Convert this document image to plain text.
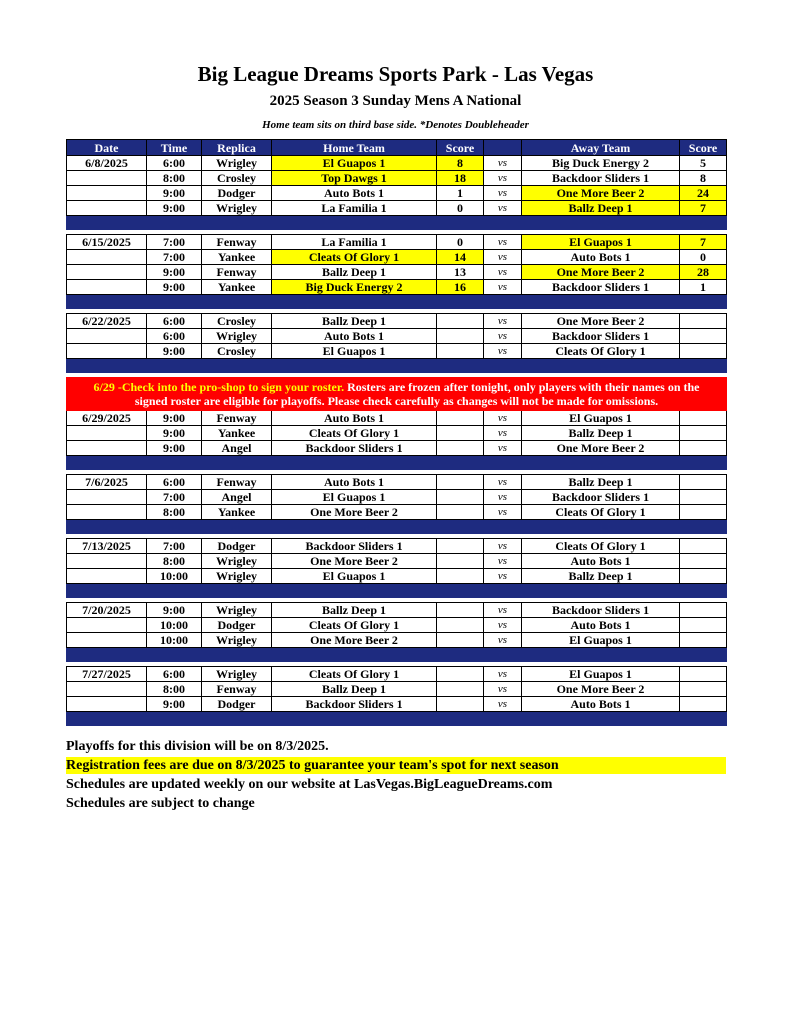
Big League Dreams Sports Park - Las Vegas
2025 Season 3 Sunday Mens A National

Home team sits on third base side. *Denotes Doubleheader

Date	Time	Replica	Home Team	Score		Away Team	Score
6/8/2025	6:00	Wrigley	El Guapos 1	8	vs	Big Duck Energy 2	5
	8:00	Crosley	Top Dawgs 1	18	vs	Backdoor Sliders 1	8
	9:00	Dodger	Auto Bots 1	1	vs	One More Beer 2	24
	9:00	Wrigley	La Familia 1	0	vs	Ballz Deep 1	7

6/15/2025	7:00	Fenway	La Familia 1	0	vs	El Guapos 1	7
	7:00	Yankee	Cleats Of Glory 1	14	vs	Auto Bots 1	0
	9:00	Fenway	Ballz Deep 1	13	vs	One More Beer 2	28
	9:00	Yankee	Big Duck Energy 2	16	vs	Backdoor Sliders 1	1

6/22/2025	6:00	Crosley	Ballz Deep 1		vs	One More Beer 2	
	6:00	Wrigley	Auto Bots 1		vs	Backdoor Sliders 1	
	9:00	Crosley	El Guapos 1		vs	Cleats Of Glory 1	

6/29 -Check into the pro-shop to sign your roster. Rosters are frozen after tonight, only players with their names on the signed roster are eligible for playoffs. Please check carefully as changes will not be made for omissions.							
6/29/2025	9:00	Fenway	Auto Bots 1		vs	El Guapos 1	
	9:00	Yankee	Cleats Of Glory 1		vs	Ballz Deep 1	
	9:00	Angel	Backdoor Sliders 1		vs	One More Beer 2	

7/6/2025	6:00	Fenway	Auto Bots 1		vs	Ballz Deep 1	
	7:00	Angel	El Guapos 1		vs	Backdoor Sliders 1	
	8:00	Yankee	One More Beer 2		vs	Cleats Of Glory 1	

7/13/2025	7:00	Dodger	Backdoor Sliders 1		vs	Cleats Of Glory 1	
	8:00	Wrigley	One More Beer 2		vs	Auto Bots 1	
	10:00	Wrigley	El Guapos 1		vs	Ballz Deep 1	

7/20/2025	9:00	Wrigley	Ballz Deep 1		vs	Backdoor Sliders 1	
	10:00	Dodger	Cleats Of Glory 1		vs	Auto Bots 1	
	10:00	Wrigley	One More Beer 2		vs	El Guapos 1	

7/27/2025	6:00	Wrigley	Cleats Of Glory 1		vs	El Guapos 1	
	8:00	Fenway	Ballz Deep 1		vs	One More Beer 2	
	9:00	Dodger	Backdoor Sliders 1		vs	Auto Bots 1	

Playoffs for this division will be on 8/3/2025.

Registration fees are due on 8/3/2025 to guarantee your team's spot for next season

Schedules are updated weekly on our website at LasVegas.BigLeagueDreams.com

Schedules are subject to change
